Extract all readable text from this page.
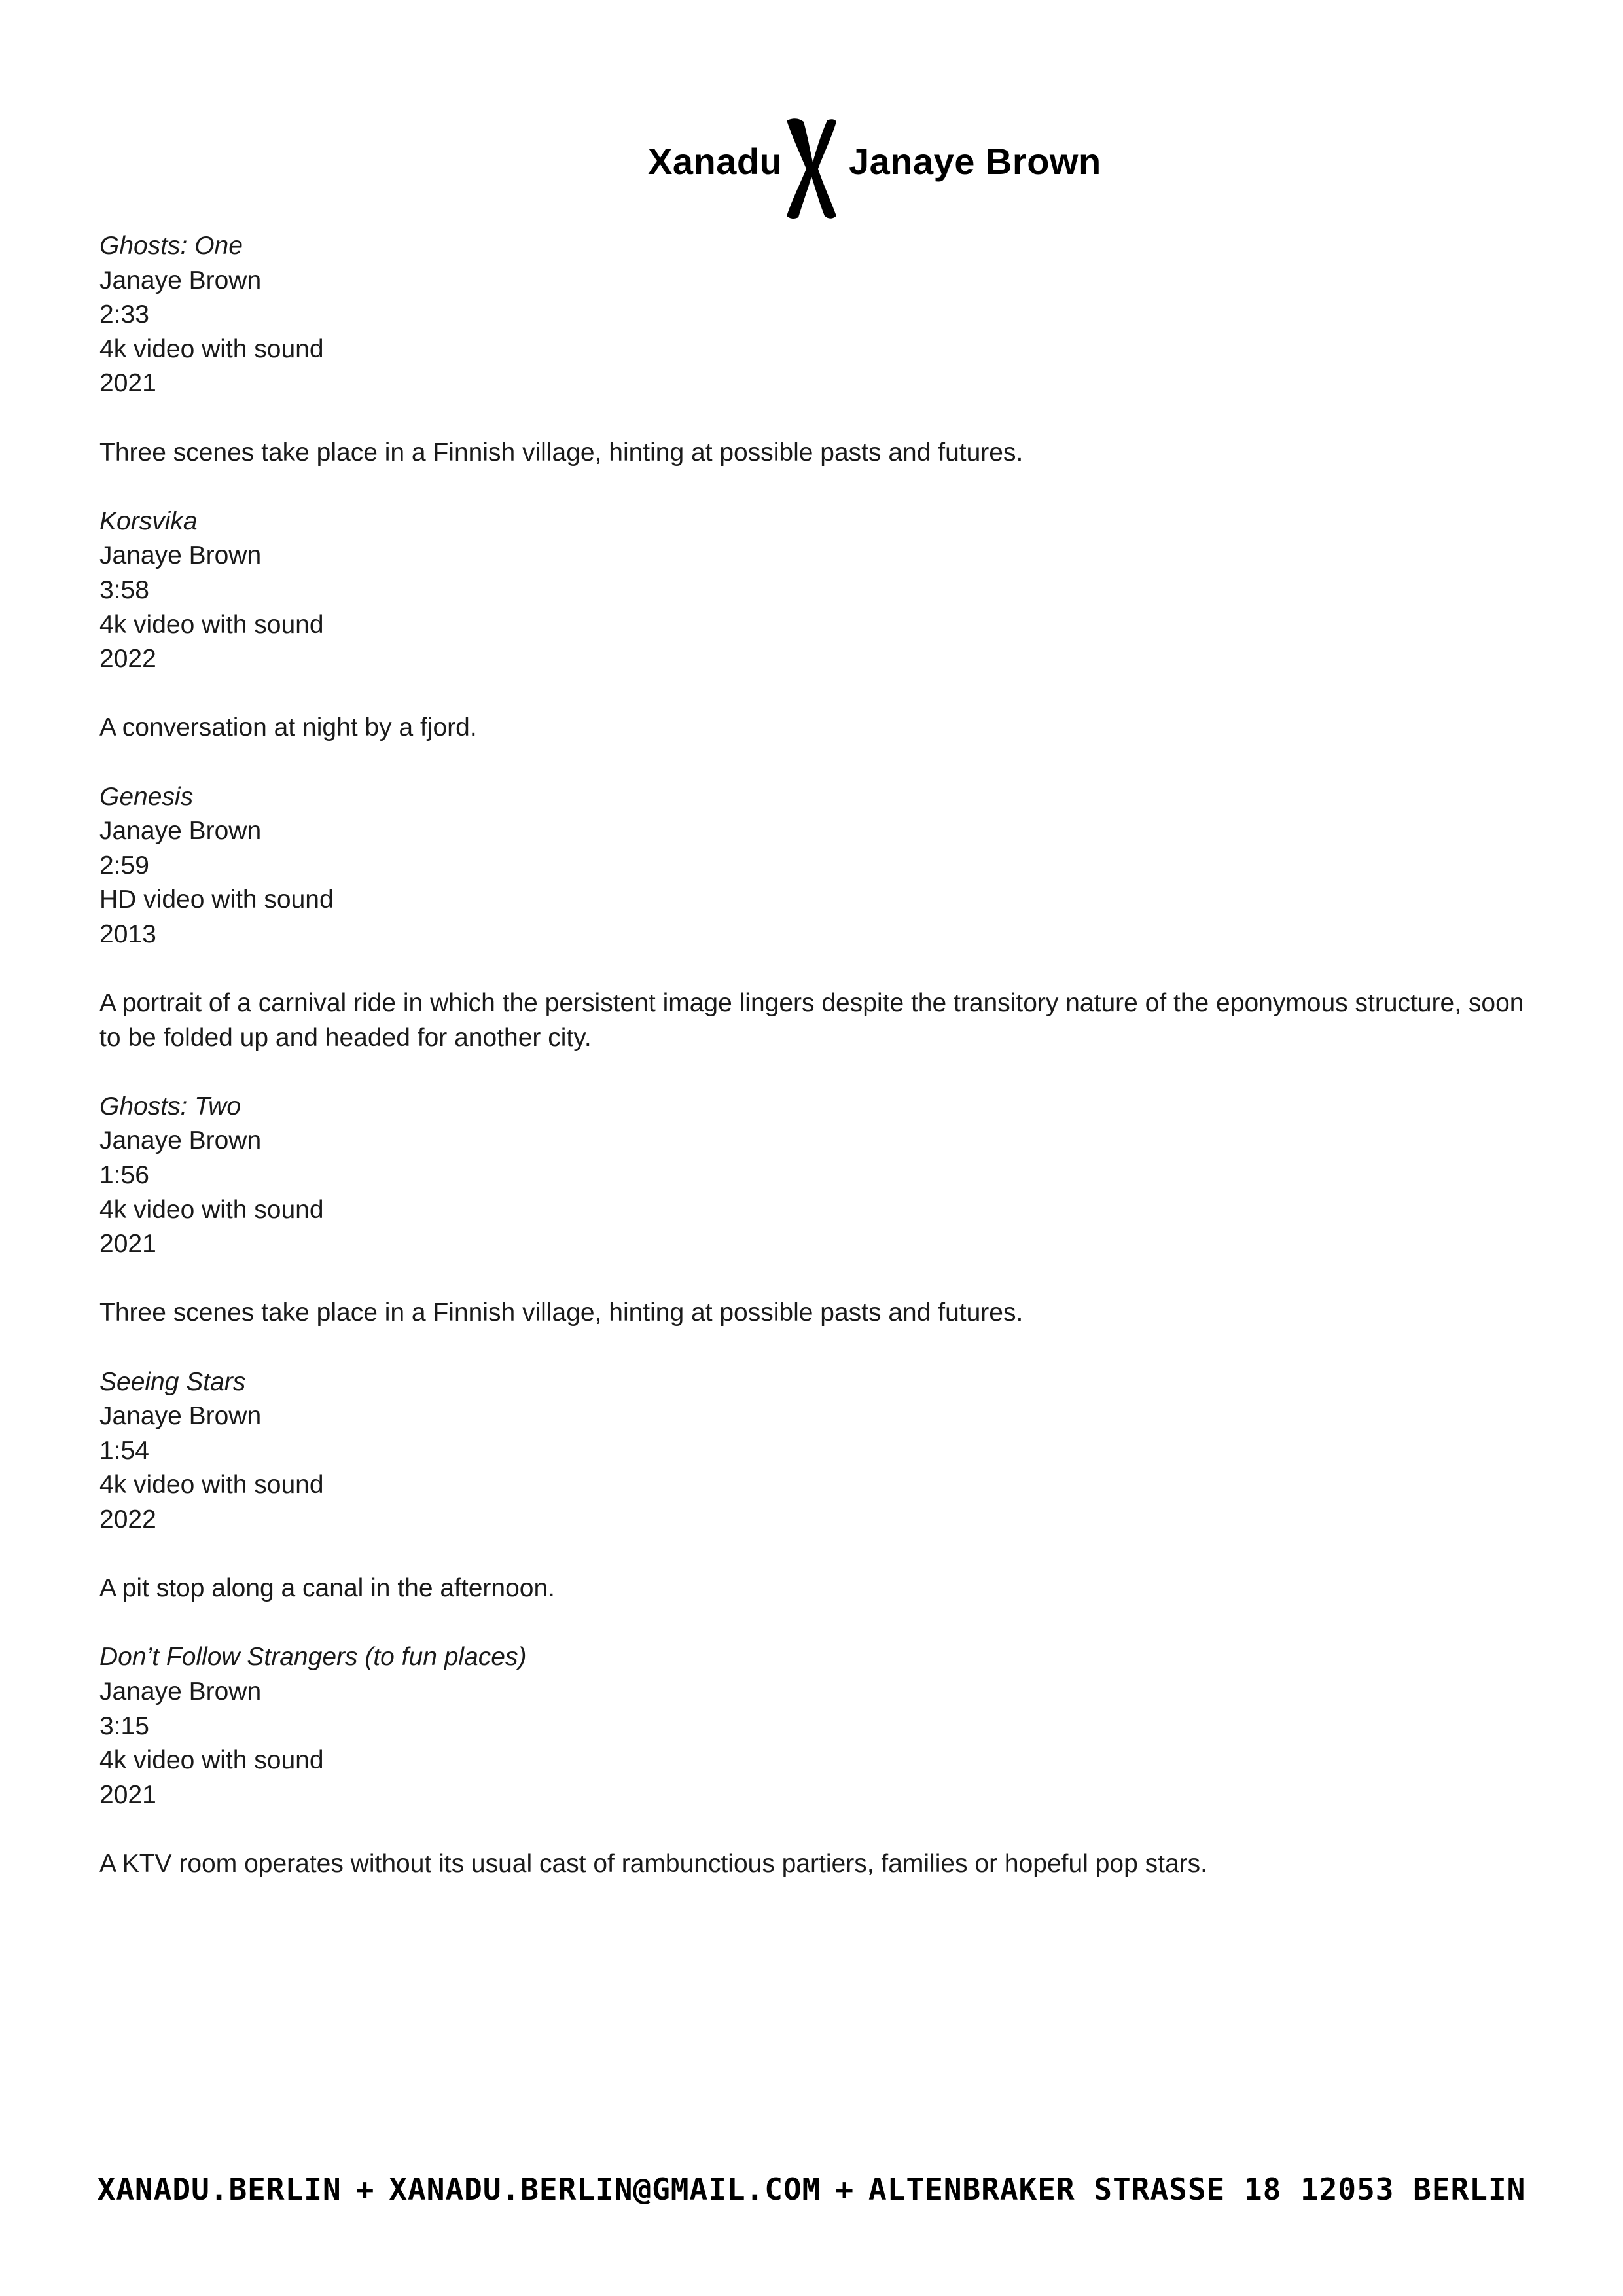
Xanadu Janaye Brown
Ghosts: One
Janaye Brown
2:33
4k video with sound
2021
Three scenes take place in a Finnish village, hinting at possible pasts and futures.
Korsvika
Janaye Brown
3:58
4k video with sound
2022
A conversation at night by a fjord.
Genesis
Janaye Brown
2:59
HD video with sound
2013
A portrait of a carnival ride in which the persistent image lingers despite the transitory nature of the eponymous structure, soon to be folded up and headed for another city.
Ghosts: Two
Janaye Brown
1:56
4k video with sound
2021
Three scenes take place in a Finnish village, hinting at possible pasts and futures.
Seeing Stars
Janaye Brown
1:54
4k video with sound
2022
A pit stop along a canal in the afternoon.
Don’t Follow Strangers (to fun places)
Janaye Brown
3:15
4k video with sound
2021
A KTV room operates without its usual cast of rambunctious partiers, families or hopeful pop stars.
XANADU.BERLIN + XANADU.BERLIN@GMAIL.COM + ALTENBRAKER STRASSE 18 12053 BERLIN
